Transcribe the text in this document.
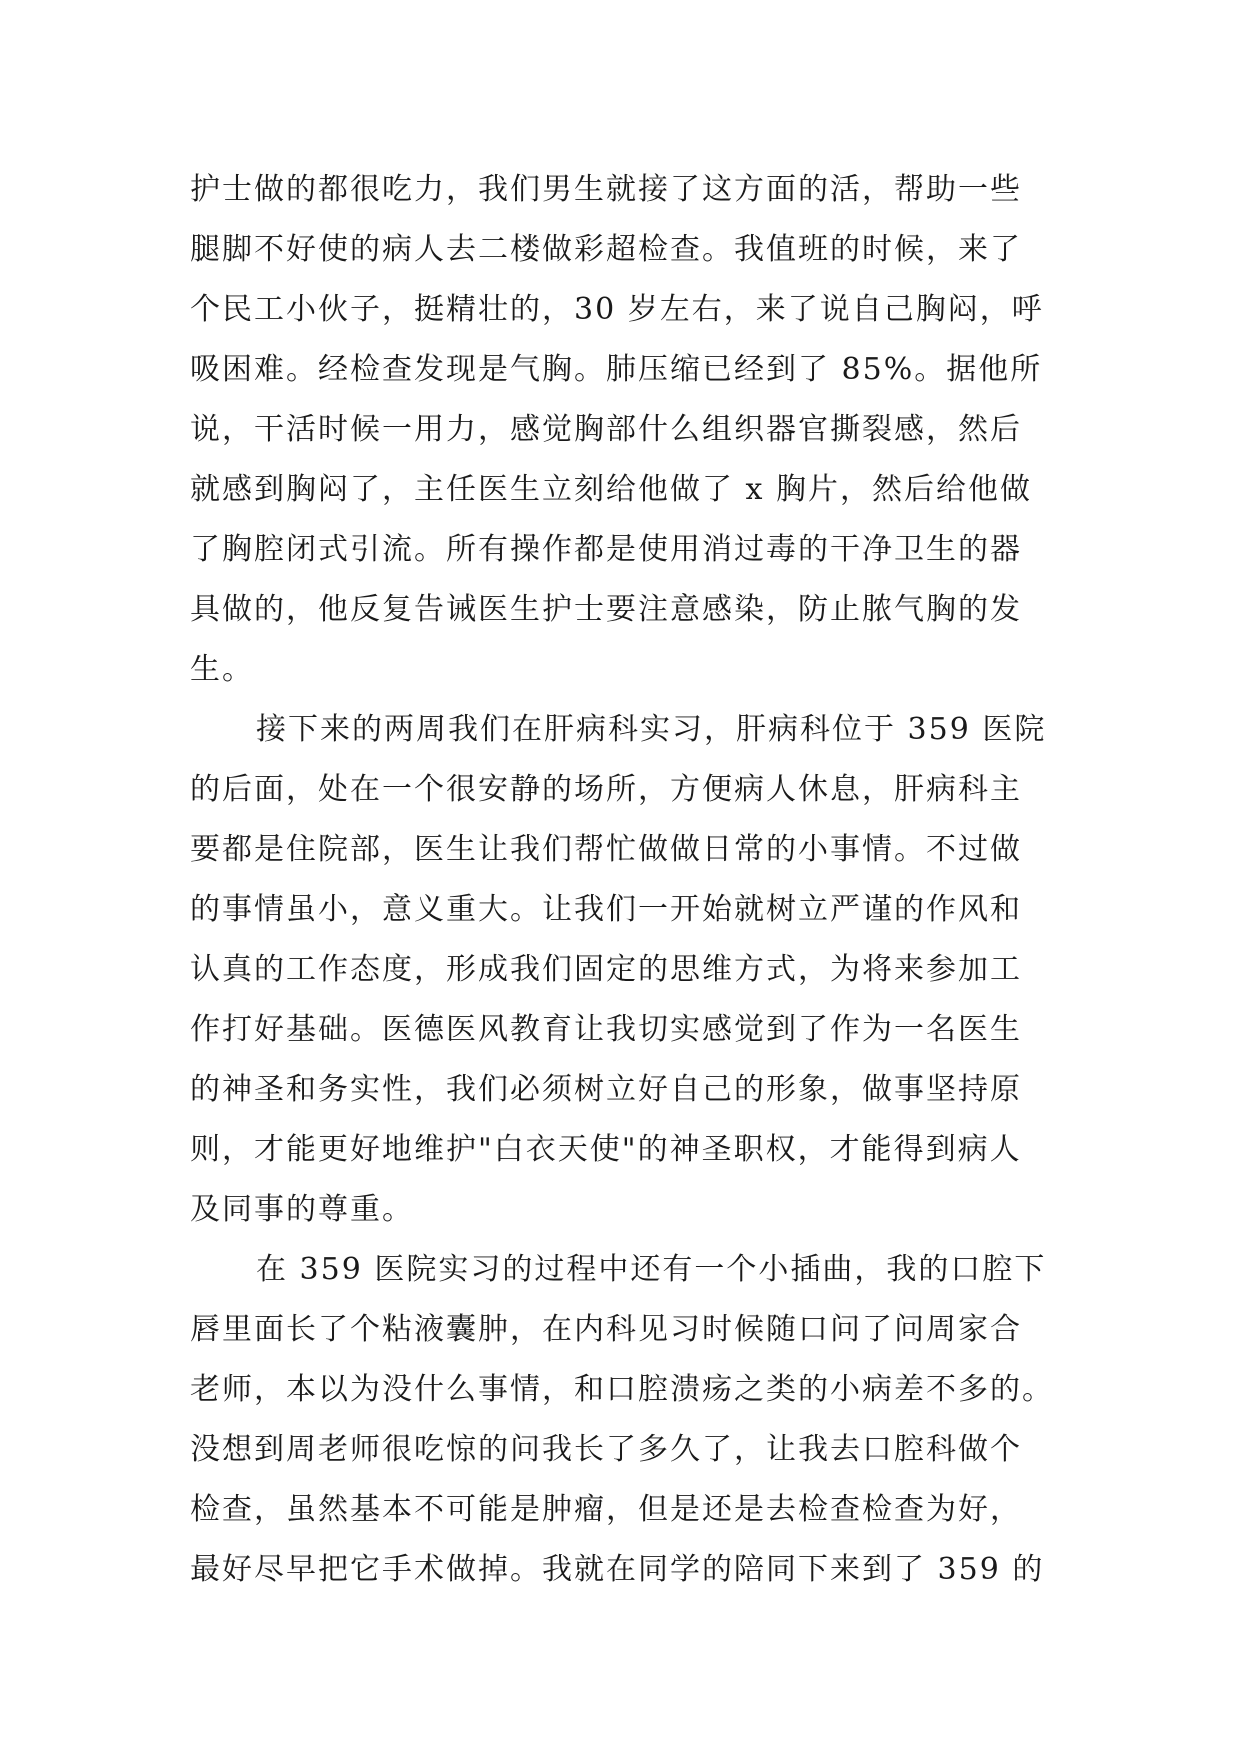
护士做的都很吃力，我们男生就接了这方面的活，帮助一些
腿脚不好使的病人去二楼做彩超检查。我值班的时候，来了
个民工小伙子，挺精壮的，30 岁左右，来了说自己胸闷，呼
吸困难。经检查发现是气胸。肺压缩已经到了 85%。据他所
说，干活时候一用力，感觉胸部什么组织器官撕裂感，然后
就感到胸闷了，主任医生立刻给他做了 x 胸片，然后给他做
了胸腔闭式引流。所有操作都是使用消过毒的干净卫生的器
具做的，他反复告诫医生护士要注意感染，防止脓气胸的发
生。
接下来的两周我们在肝病科实习，肝病科位于 359 医院
的后面，处在一个很安静的场所，方便病人休息，肝病科主
要都是住院部，医生让我们帮忙做做日常的小事情。不过做
的事情虽小，意义重大。让我们一开始就树立严谨的作风和
认真的工作态度，形成我们固定的思维方式，为将来参加工
作打好基础。医德医风教育让我切实感觉到了作为一名医生
的神圣和务实性，我们必须树立好自己的形象，做事坚持原
则，才能更好地维护"白衣天使"的神圣职权，才能得到病人
及同事的尊重。
在 359 医院实习的过程中还有一个小插曲，我的口腔下
唇里面长了个粘液囊肿，在内科见习时候随口问了问周家合
老师，本以为没什么事情，和口腔溃疡之类的小病差不多的。
没想到周老师很吃惊的问我长了多久了，让我去口腔科做个
检查，虽然基本不可能是肿瘤，但是还是去检查检查为好，
最好尽早把它手术做掉。我就在同学的陪同下来到了 359 的
